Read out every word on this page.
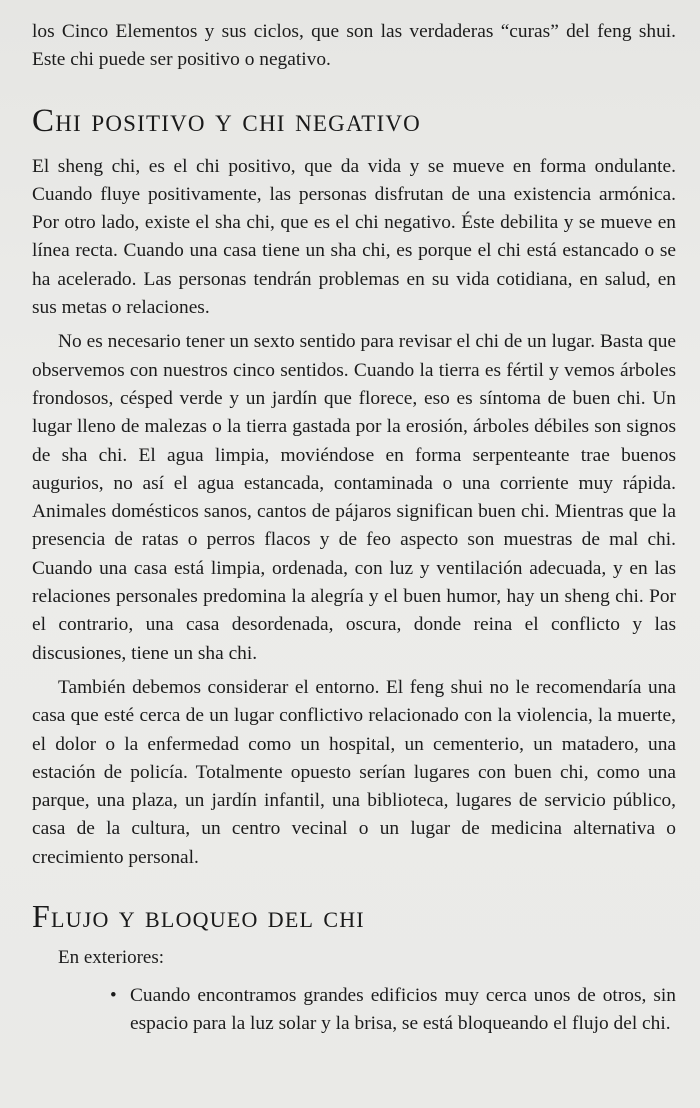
los Cinco Elementos y sus ciclos, que son las verdaderas “curas” del feng shui. Este chi puede ser positivo o negativo.

Chi positivo y chi negativo

El sheng chi, es el chi positivo, que da vida y se mueve en forma ondulante. Cuando fluye positivamente, las personas disfrutan de una existencia armónica. Por otro lado, existe el sha chi, que es el chi negativo. Éste debilita y se mueve en línea recta. Cuando una casa tiene un sha chi, es porque el chi está estancado o se ha acelerado. Las personas tendrán problemas en su vida cotidiana, en salud, en sus metas o relaciones.

No es necesario tener un sexto sentido para revisar el chi de un lugar. Basta que observemos con nuestros cinco sentidos. Cuando la tierra es fértil y vemos árboles frondosos, césped verde y un jardín que florece, eso es síntoma de buen chi. Un lugar lleno de malezas o la tierra gastada por la erosión, árboles débiles son signos de sha chi. El agua limpia, moviéndose en forma serpenteante trae buenos augurios, no así el agua estancada, contaminada o una corriente muy rápida. Animales domésticos sanos, cantos de pájaros significan buen chi. Mientras que la presencia de ratas o perros flacos y de feo aspecto son muestras de mal chi. Cuando una casa está limpia, ordenada, con luz y ventilación adecuada, y en las relaciones personales predomina la alegría y el buen humor, hay un sheng chi. Por el contrario, una casa desordenada, oscura, donde reina el conflicto y las discusiones, tiene un sha chi.

También debemos considerar el entorno. El feng shui no le recomendaría una casa que esté cerca de un lugar conflictivo relacionado con la violencia, la muerte, el dolor o la enfermedad como un hospital, un cementerio, un matadero, una estación de policía. Totalmente opuesto serían lugares con buen chi, como una parque, una plaza, un jardín infantil, una biblioteca, lugares de servicio público, casa de la cultura, un centro vecinal o un lugar de medicina alternativa o crecimiento personal.

Flujo y bloqueo del chi
En exteriores:
• Cuando encontramos grandes edificios muy cerca unos de otros, sin espacio para la luz solar y la brisa, se está bloqueando el flujo del chi.
